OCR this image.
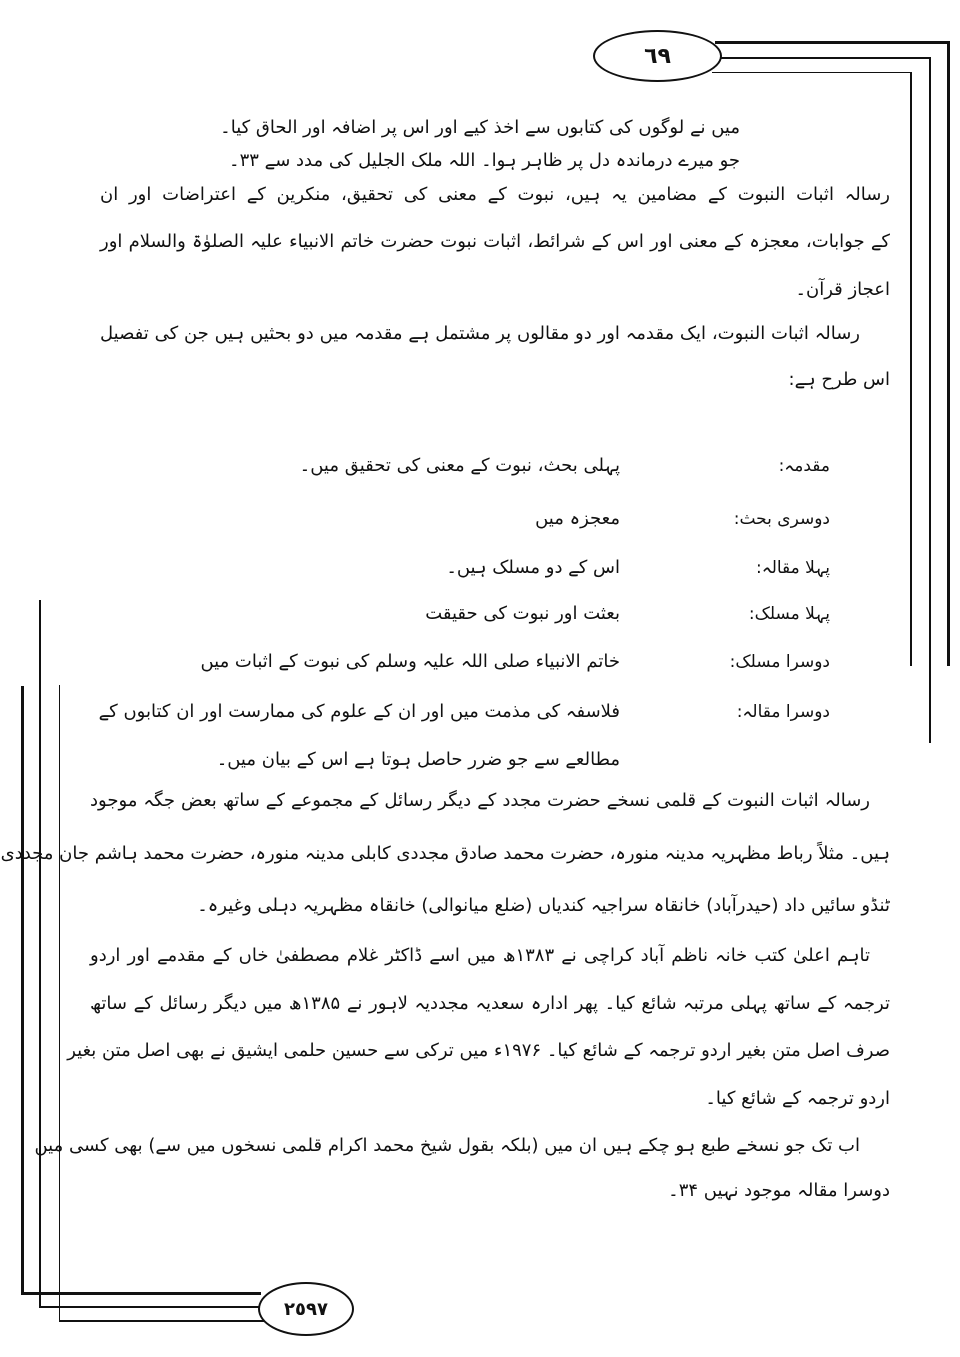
٦٩
٢٥٩٧
میں نے لوگوں کی کتابوں سے اخذ کیے اور اس پر اضافہ اور الحاق کیا۔
جو میرے درماندہ دل پر ظاہر ہوا۔ اللہ ملک الجلیل کی مدد سے ۳۳۔
رسالہ اثبات النبوت کے مضامین یہ ہیں، نبوت کے معنی کی تحقیق، منکرین کے اعتراضات اور ان
کے جوابات، معجزہ کے معنی اور اس کے شرائط، اثبات نبوت حضرت خاتم الانبیاء علیہ الصلوٰۃ والسلام اور
اعجاز قرآن۔
رسالہ اثبات النبوت، ایک مقدمہ اور دو مقالوں پر مشتمل ہے مقدمہ میں دو بحثیں ہیں جن کی تفصیل
اس طرح ہے:
مقدمہ:
پہلی بحث، نبوت کے معنی کی تحقیق میں۔
دوسری بحث:
معجزہ میں
پہلا مقالہ:
اس کے دو مسلک ہیں۔
پہلا مسلک:
بعثت اور نبوت کی حقیقت
دوسرا مسلک:
خاتم الانبیاء صلی اللہ علیہ وسلم کی نبوت کے اثبات میں
دوسرا مقالہ:
فلاسفہ کی مذمت میں اور ان کے علوم کی ممارست اور ان کتابوں کے
مطالعے سے جو ضرر حاصل ہوتا ہے اس کے بیان میں۔
رسالہ اثبات النبوت کے قلمی نسخے حضرت مجدد کے دیگر رسائل کے مجموعے کے ساتھ بعض جگہ موجود
ہیں۔ مثلاً رباط مظہریہ مدینہ منورہ، حضرت محمد صادق مجددی کابلی مدینہ منورہ، حضرت محمد ہاشم جان مجددی
ٹنڈو سائیں داد (حیدرآباد) خانقاہ سراجیہ کندیاں (ضلع میانوالی) خانقاہ مظہریہ دہلی وغیرہ۔
تاہم اعلیٰ کتب خانہ ناظم آباد کراچی نے ۱۳۸۳ھ میں اسے ڈاکٹر غلام مصطفیٰ خاں کے مقدمے اور اردو
ترجمہ کے ساتھ پہلی مرتبہ شائع کیا۔ پھر ادارہ سعدیہ مجددیہ لاہور نے ۱۳۸۵ھ میں دیگر رسائل کے ساتھ
صرف اصل متن بغیر اردو ترجمہ کے شائع کیا۔ ۱۹۷۶ء میں ترکی سے حسین حلمی ایشیق نے بھی اصل متن بغیر
اردو ترجمہ کے شائع کیا۔
اب تک جو نسخے طبع ہو چکے ہیں ان میں (بلکہ بقول شیخ محمد اکرام قلمی نسخوں میں سے) بھی کسی میں
دوسرا مقالہ موجود نہیں ۳۴۔
